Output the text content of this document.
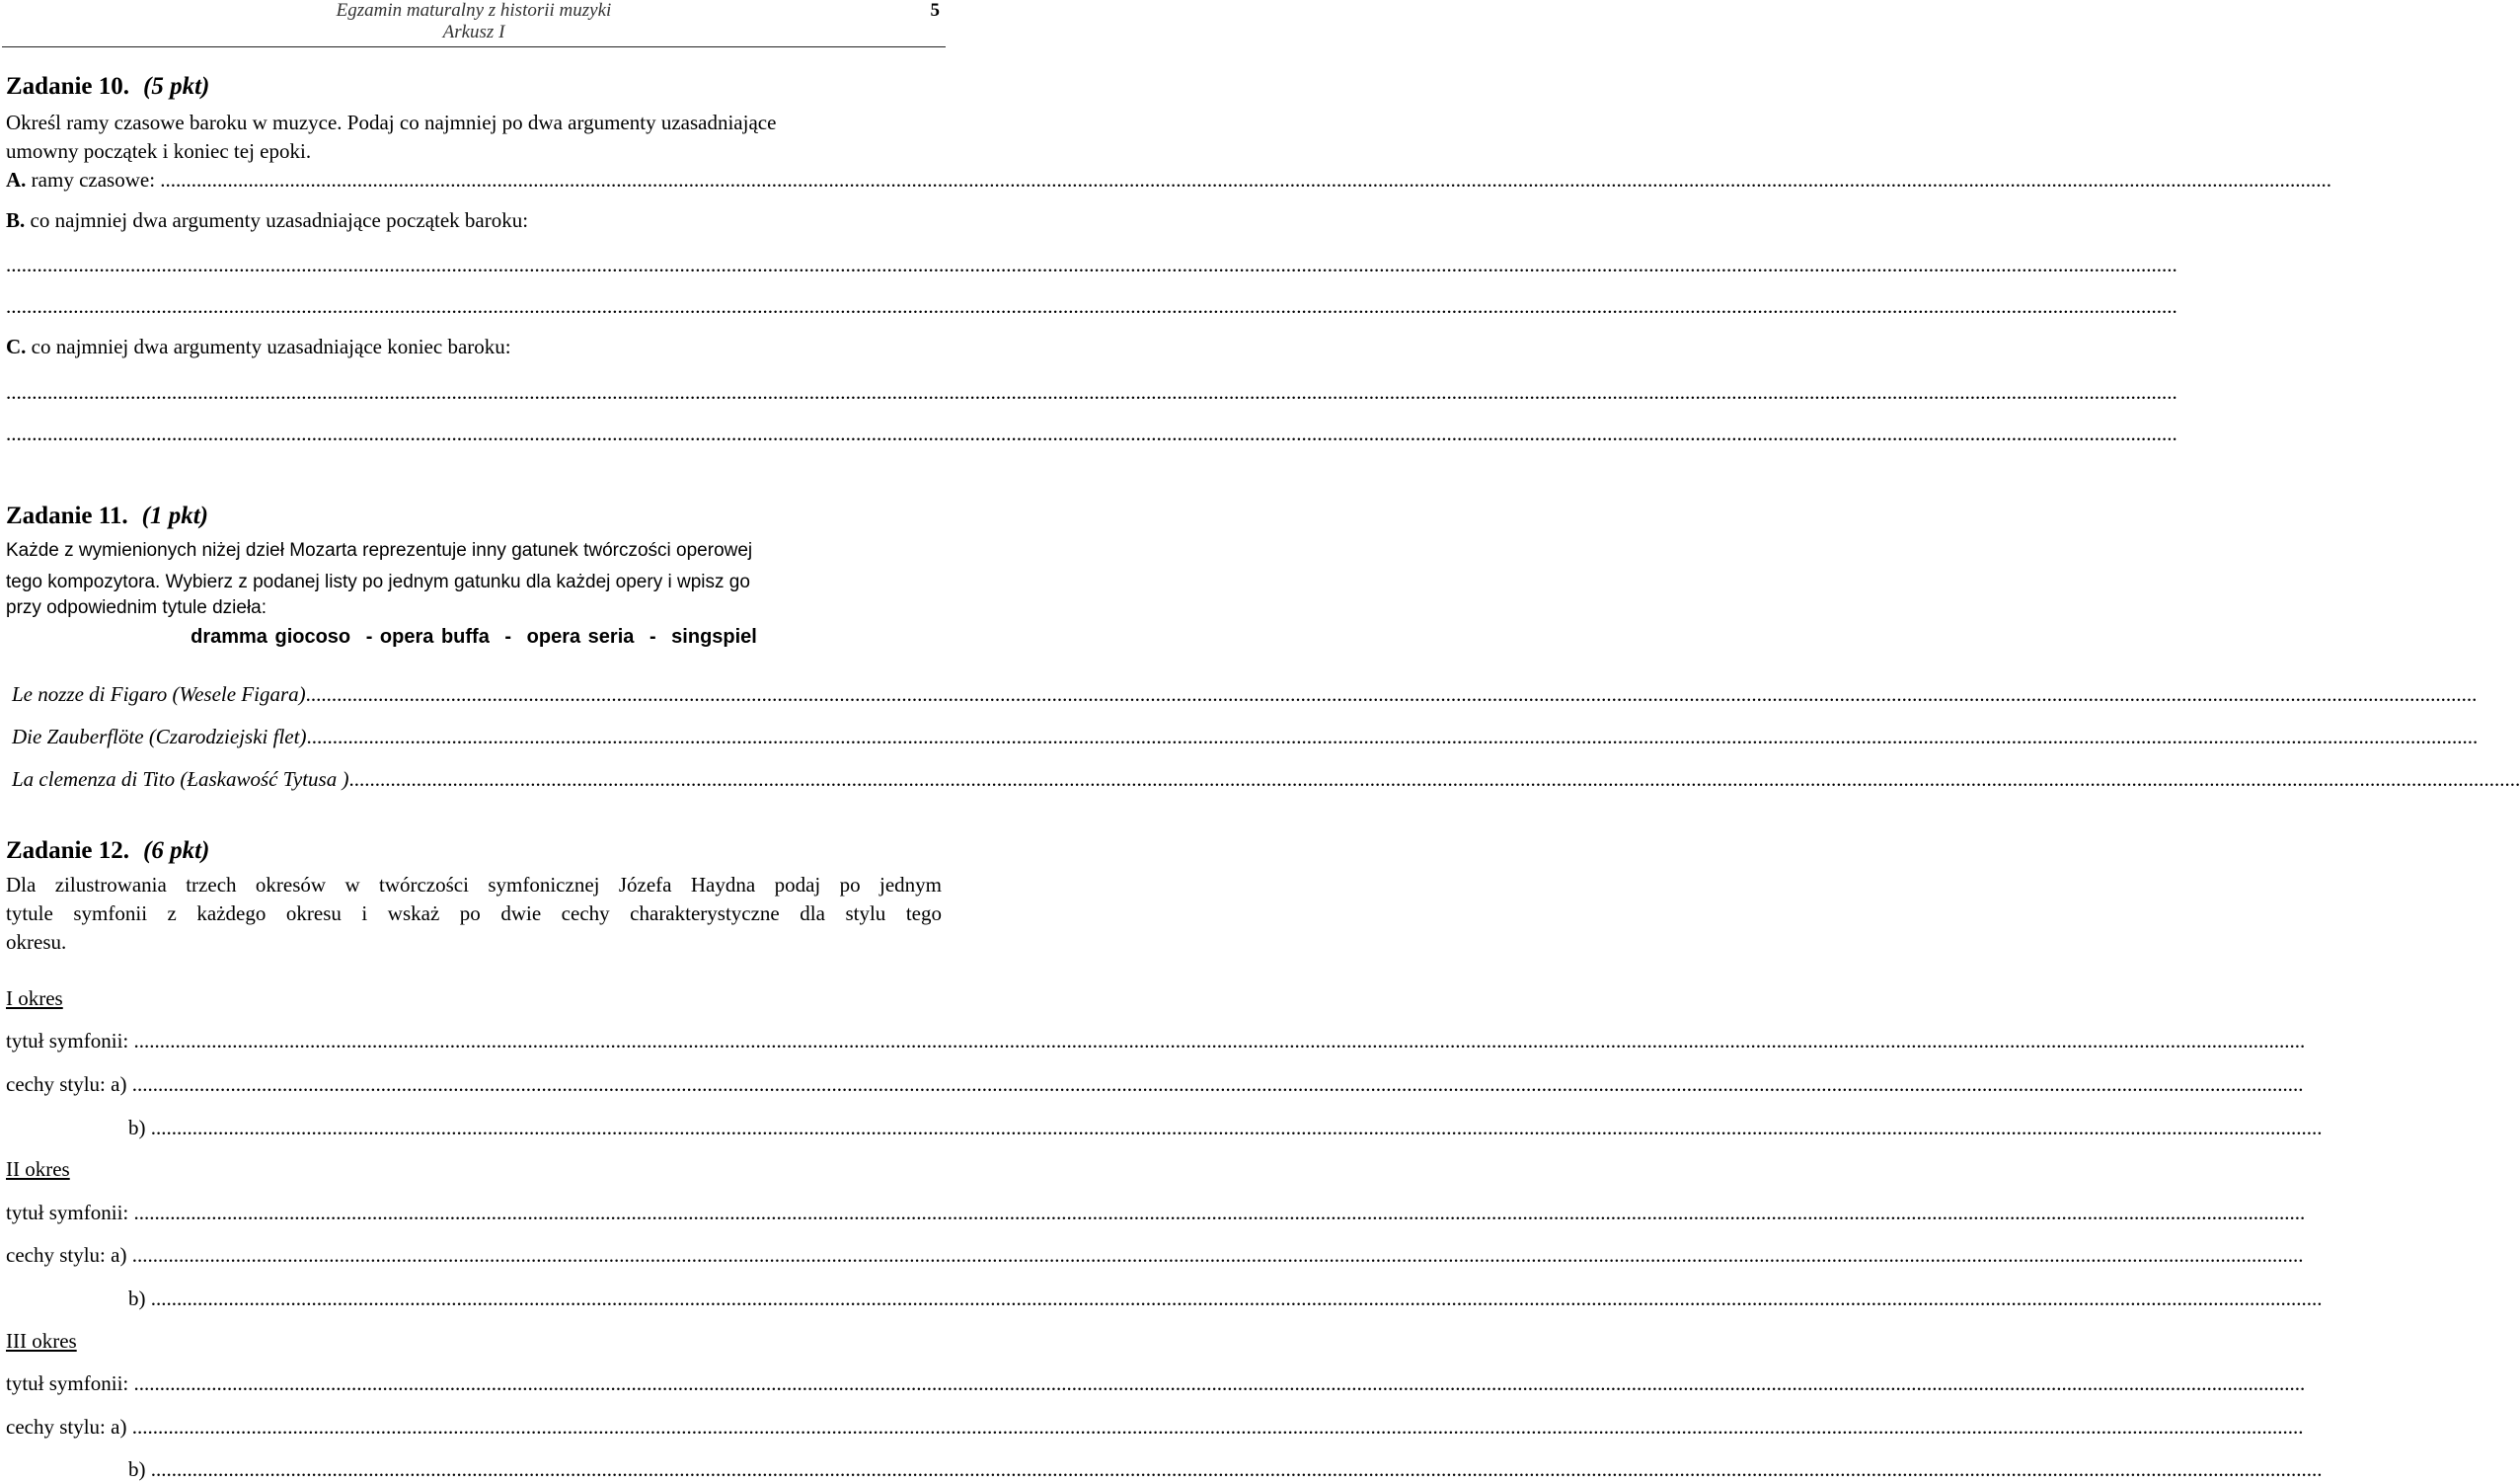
Egzamin maturalny z historii muzyki
Arkusz I
5
Zadanie 10. (5 pkt)
Określ ramy czasowe baroku w muzyce. Podaj co najmniej po dwa argumenty uzasadniające
umowny początek i koniec tej epoki.
A. ramy czasowe: ...................................................................................................................................................................................................................................................................................................................................................................................................................................
B. co najmniej dwa argumenty uzasadniające początek baroku:
...................................................................................................................................................................................................................................................................................................................................................................................................................................
...................................................................................................................................................................................................................................................................................................................................................................................................................................
C. co najmniej dwa argumenty uzasadniające koniec baroku:
...................................................................................................................................................................................................................................................................................................................................................................................................................................
...................................................................................................................................................................................................................................................................................................................................................................................................................................
Zadanie 11. (1 pkt)
Każde z wymienionych niżej dzieł Mozarta reprezentuje inny gatunek twórczości operowej
tego kompozytora. Wybierz z podanej listy po jednym gatunku dla każdej opery i wpisz go
przy odpowiednim tytule dzieła:
dramma giocoso - opera buffa - opera seria - singspiel
Le nozze di Figaro (Wesele Figara)...................................................................................................................................................................................................................................................................................................................................................................................................................................
Die Zauberflöte (Czarodziejski flet)...................................................................................................................................................................................................................................................................................................................................................................................................................................
La clemenza di Tito (Łaskawość Tytusa )...................................................................................................................................................................................................................................................................................................................................................................................................................................
Zadanie 12. (6 pkt)
Dla zilustrowania trzech okresów w twórczości symfonicznej Józefa Haydna podaj po jednym
tytule symfonii z każdego okresu i wskaż po dwie cechy charakterystyczne dla stylu tego
okresu.
I okres
tytuł symfonii: ...................................................................................................................................................................................................................................................................................................................................................................................................................................
cechy stylu: a) ...................................................................................................................................................................................................................................................................................................................................................................................................................................
b) ...................................................................................................................................................................................................................................................................................................................................................................................................................................
II okres
tytuł symfonii: ...................................................................................................................................................................................................................................................................................................................................................................................................................................
cechy stylu: a) ...................................................................................................................................................................................................................................................................................................................................................................................................................................
b) ...................................................................................................................................................................................................................................................................................................................................................................................................................................
III okres
tytuł symfonii: ...................................................................................................................................................................................................................................................................................................................................................................................................................................
cechy stylu: a) ...................................................................................................................................................................................................................................................................................................................................................................................................................................
b) ...................................................................................................................................................................................................................................................................................................................................................................................................................................
